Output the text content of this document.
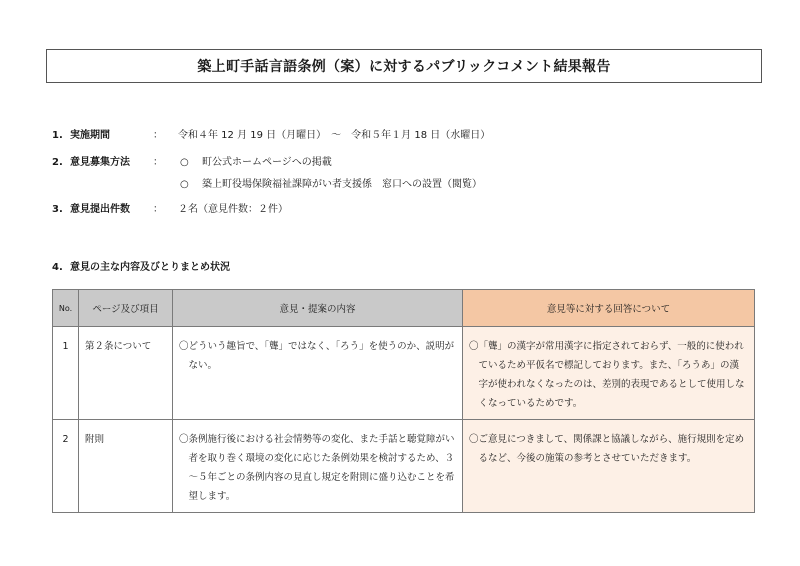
築上町手話言語条例（案）に対するパブリックコメント結果報告
1. 実施期間	： 令和４年 12 月 19 日（月曜日）　～　令和５年１月 18 日（水曜日）
2. 意見募集方法 ： ○ 町公式ホームページへの掲載
○ 築上町役場保険福祉課障がい者支援係　窓口への設置（閲覧）
3. 意見提出件数 ： ２名（意見件数：２件）
4. 意見の主な内容及びとりまとめ状況
No.	ページ及び項目	意見・提案の内容	意見等に対する回答について
1	第２条について	〇どういう趣旨で、「聾」ではなく、「ろう」を使うのか、説明がない。	〇「聾」の漢字が常用漢字に指定されておらず、一般的に使われているため平仮名で標記しております。また、「ろうあ」の漢字が使われなくなったのは、差別的表現であるとして使用しなくなっているためです。

2	附則	〇条例施行後における社会情勢等の変化、また手話と聴覚障がい者を取り巻く環境の変化に応じた条例効果を検討するため、３～５年ごとの条例内容の見直し規定を附則に盛り込むことを希望します。	〇ご意見につきまして、関係課と協議しながら、施行規則を定めるなど、今後の施策の参考とさせていただきます。
